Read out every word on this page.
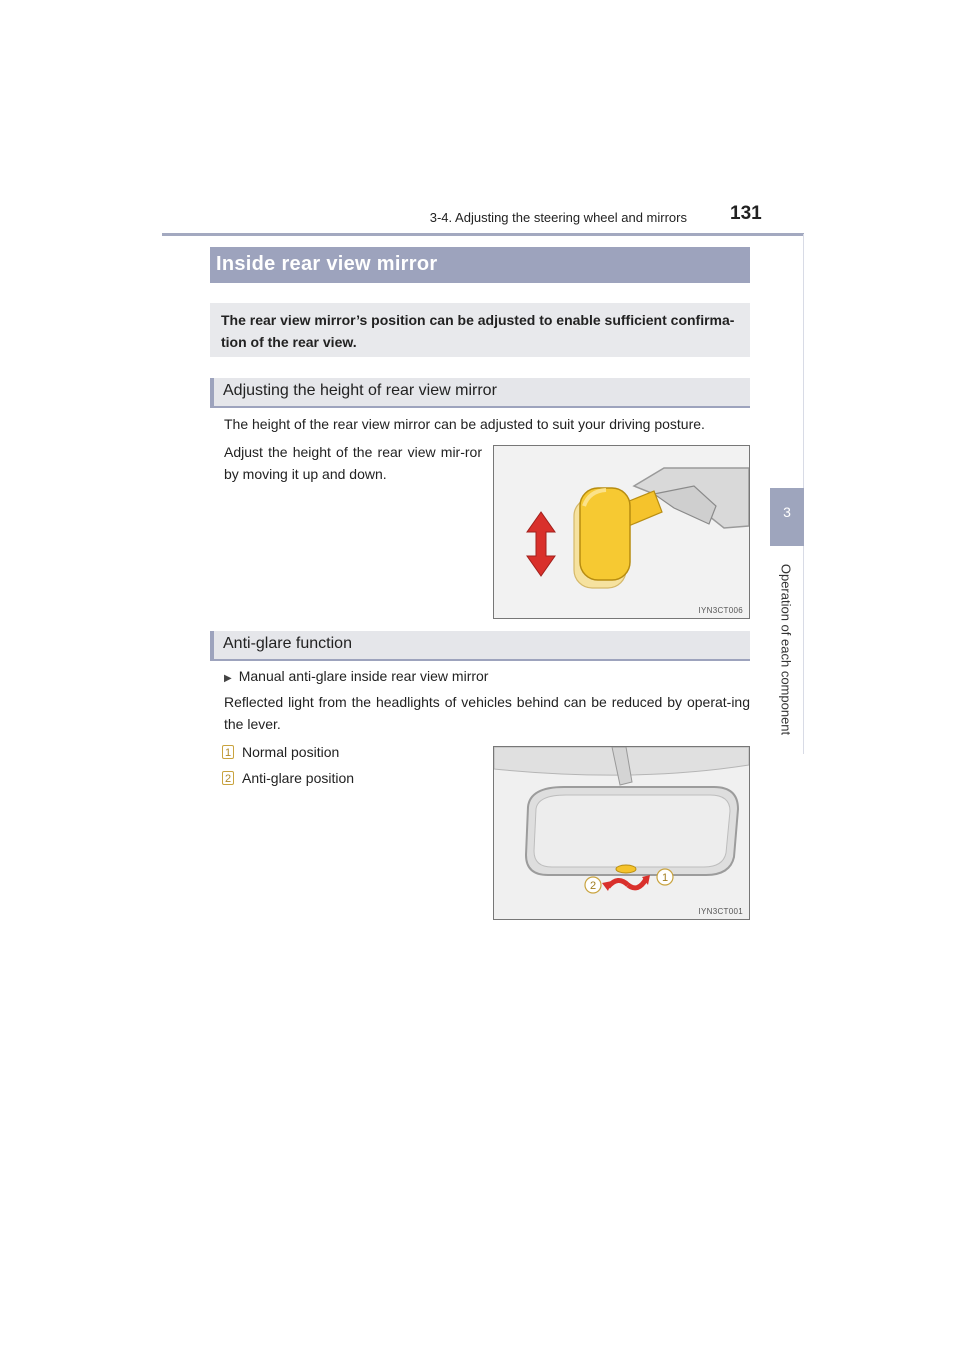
3-4. Adjusting the steering wheel and mirrors 131
3
Operation of each component
Inside rear view mirror

The rear view mirror’s position can be adjusted to enable sufficient confirma-tion of the rear view.

Adjusting the height of rear view mirror
The height of the rear view mirror can be adjusted to suit your driving posture.
Adjust the height of the rear view mir-ror by moving it up and down.
IYN3CT006
Anti-glare function
▶ Manual anti-glare inside rear view mirror
Reflected light from the headlights of vehicles behind can be reduced by operat-ing the lever.
1 Normal position
2 Anti-glare position
2
1
IYN3CT001
